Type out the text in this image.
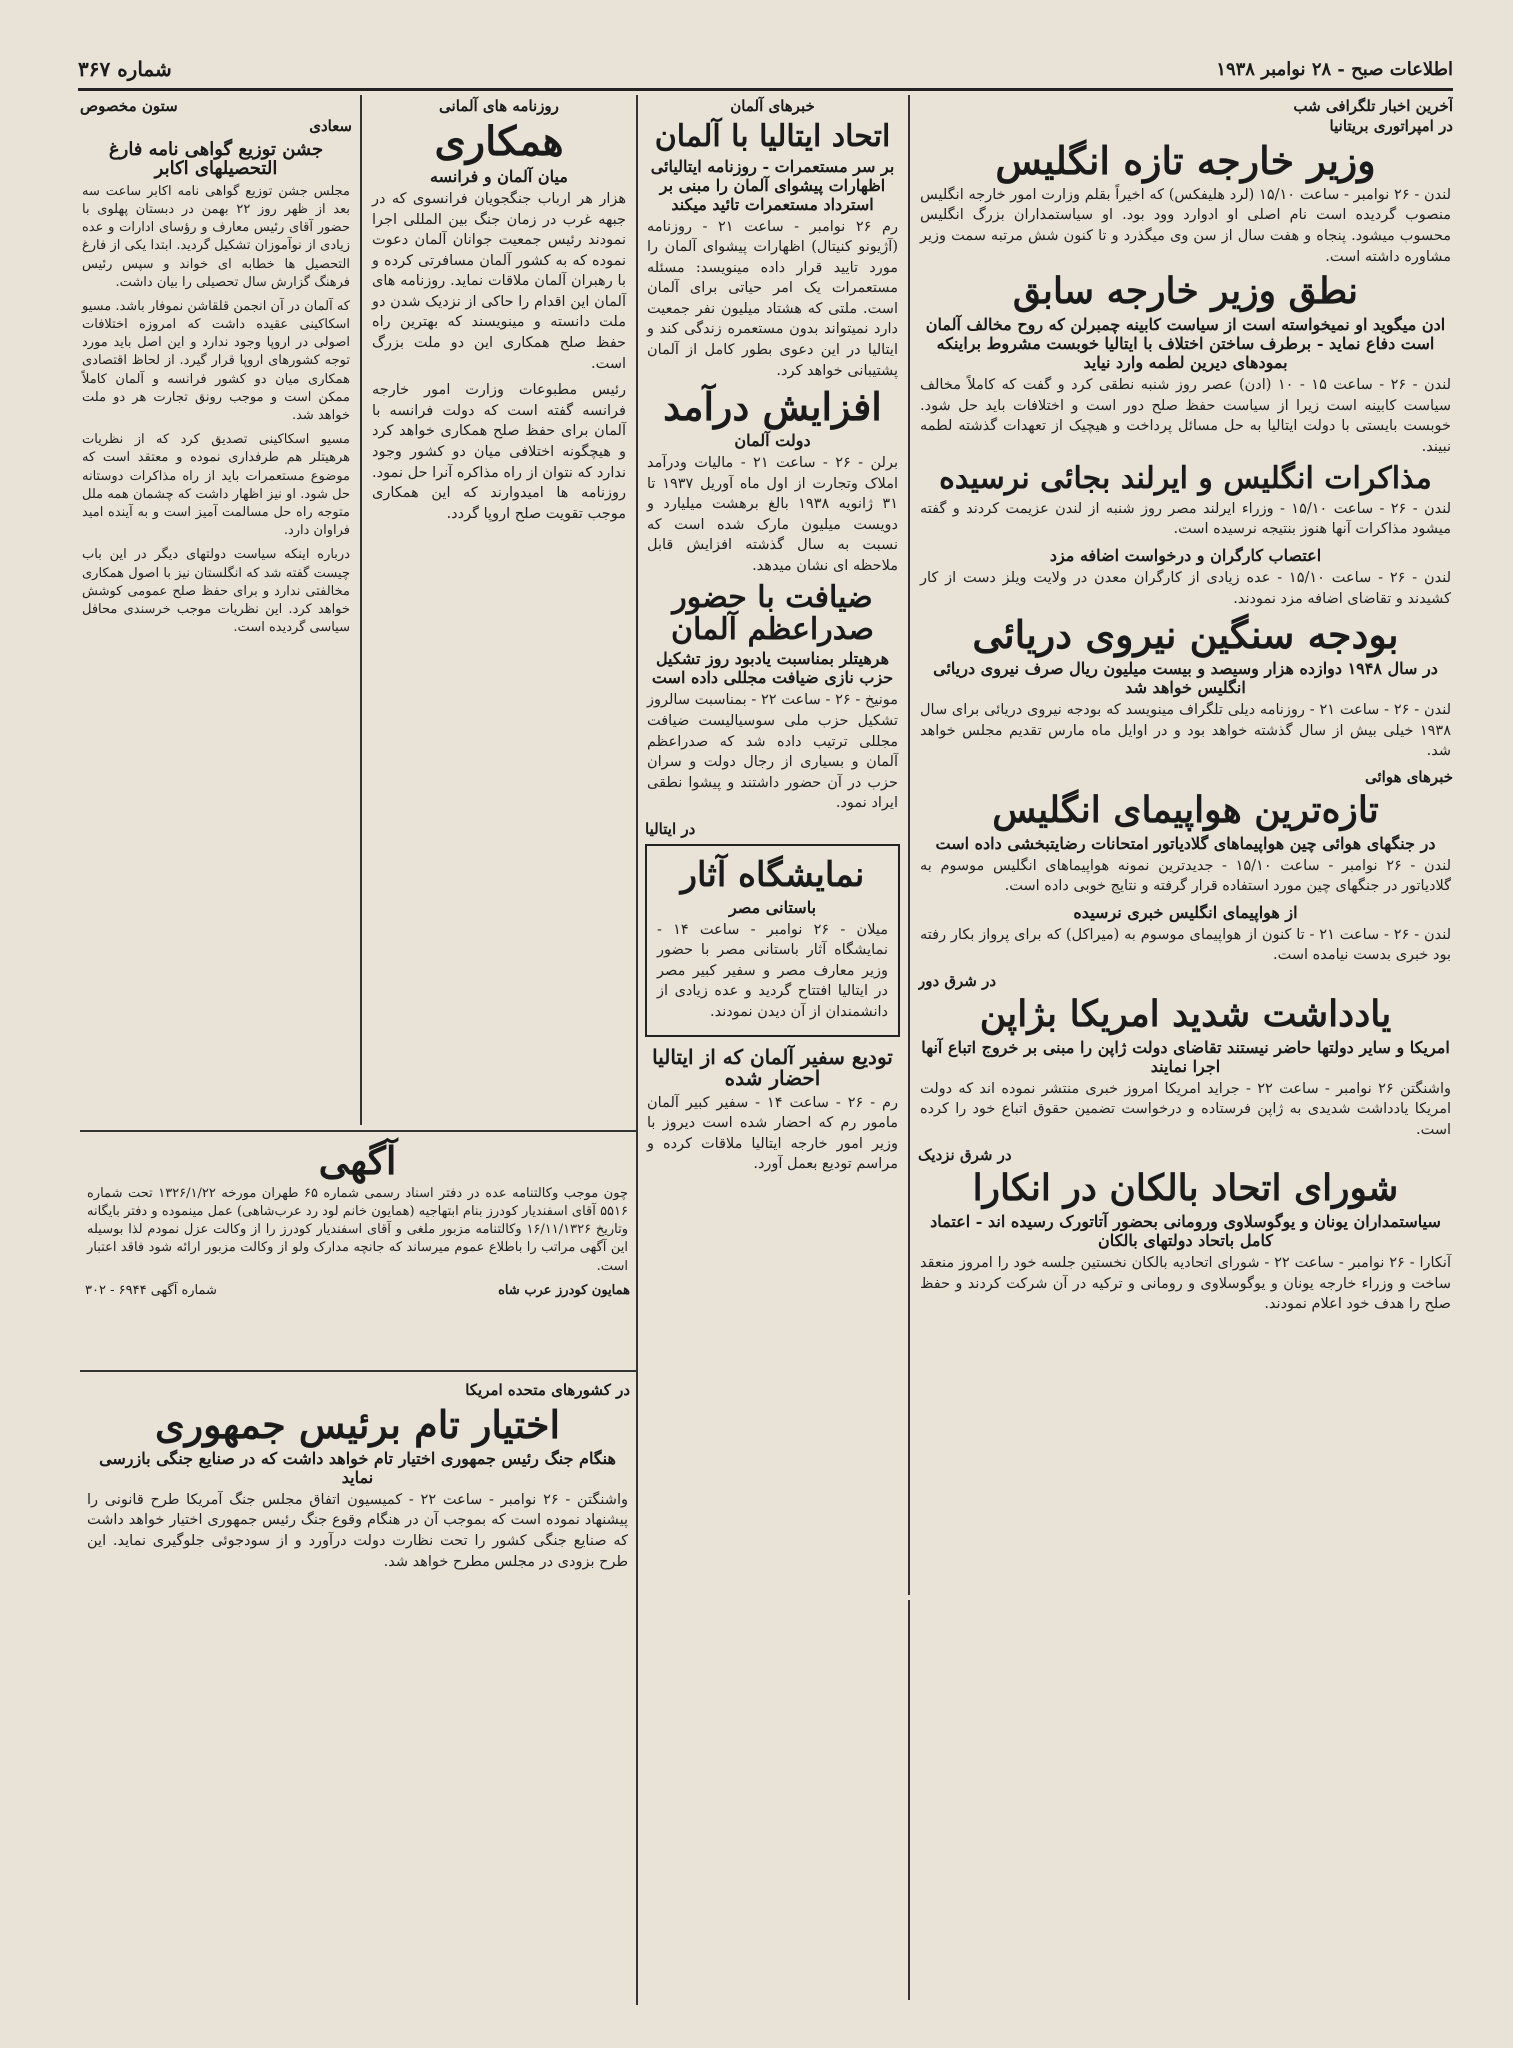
اطلاعات صبح - ۲۸ نوامبر ۱۹۳۸
شماره ۳۶۷
آخرین اخبار تلگرافی شب
در امپراتوری بریتانیا
وزیر خارجه تازه انگلیس
لندن - ۲۶ نوامبر - ساعت ۱۵/۱۰ (لرد هلیفکس) که اخیراً بقلم وزارت امور خارجه انگلیس منصوب گردیده است نام اصلی او ادوارد وود بود. او سیاستمداران بزرگ انگلیس محسوب میشود. پنجاه و هفت سال از سن وی میگذرد و تا کنون شش مرتبه سمت وزیر مشاوره داشته است.
نطق وزیر خارجه سابق
ادن میگوید او نمیخواسته است از سیاست کابینه چمبرلن که روح مخالف آلمان است دفاع نماید - برطرف ساختن اختلاف با ایتالیا خوبست مشروط براینکه بمودهای دیرین لطمه وارد نیاید
لندن - ۲۶ - ساعت ۱۵ - ۱۰ (ادن) عصر روز شنبه نطقی کرد و گفت که کاملاً مخالف سیاست کابینه است زیرا از سیاست حفظ صلح دور است و اختلافات باید حل شود. خوبست بایستی با دولت ایتالیا به حل مسائل پرداخت و هیچیک از تعهدات گذشته لطمه نبیند.
مذاکرات انگلیس و ایرلند بجائی نرسیده
لندن - ۲۶ - ساعت ۱۵/۱۰ - وزراء ایرلند مصر روز شنبه از لندن عزیمت کردند و گفته میشود مذاکرات آنها هنوز بنتیجه نرسیده است.
اعتصاب کارگران و درخواست اضافه مزد
لندن - ۲۶ - ساعت ۱۵/۱۰ - عده زیادی از کارگران معدن در ولایت ویلز دست از کار کشیدند و تقاضای اضافه مزد نمودند.
بودجه سنگین نیروی دریائی
در سال ۱۹۴۸ دوازده هزار وسیصد و بیست میلیون ریال صرف نیروی دریائی انگلیس خواهد شد
لندن - ۲۶ - ساعت ۲۱ - روزنامه دیلی تلگراف مینویسد که بودجه نیروی دریائی برای سال ۱۹۳۸ خیلی بیش از سال گذشته خواهد بود و در اوایل ماه مارس تقدیم مجلس خواهد شد.
خبرهای هوائی
تازه‌ترین هواپیمای انگلیس
در جنگهای هوائی چین هواپیماهای گلادیاتور امتحانات رضایتبخشی داده است
لندن - ۲۶ نوامبر - ساعت ۱۵/۱۰ - جدیدترین نمونه هواپیماهای انگلیس موسوم به گلادیاتور در جنگهای چین مورد استفاده قرار گرفته و نتایج خوبی داده است.
از هواپیمای انگلیس خبری نرسیده
لندن - ۲۶ - ساعت ۲۱ - تا کنون از هواپیمای موسوم به (میراکل) که برای پرواز بکار رفته بود خبری بدست نیامده است.
در شرق دور
یادداشت شدید امریکا بژاپن
امریکا و سایر دولتها حاضر نیستند تقاضای دولت ژاپن را مبنی بر خروج اتباع آنها اجرا نمایند
واشنگتن ۲۶ نوامبر - ساعت ۲۲ - جراید امریکا امروز خبری منتشر نموده اند که دولت امریکا یادداشت شدیدی به ژاپن فرستاده و درخواست تضمین حقوق اتباع خود را کرده است.
در شرق نزدیک
شورای اتحاد بالکان در انکارا
سیاستمداران یونان و یوگوسلاوی ورومانی بحضور آتاتورک رسیده اند - اعتماد کامل باتحاد دولتهای بالکان
آنکارا - ۲۶ نوامبر - ساعت ۲۲ - شورای اتحادیه بالکان نخستین جلسه خود را امروز منعقد ساخت و وزراء خارجه یونان و یوگوسلاوی و رومانی و ترکیه در آن شرکت کردند و حفظ صلح را هدف خود اعلام نمودند.
خبرهای آلمان
اتحاد ایتالیا با آلمان
بر سر مستعمرات - روزنامه ایتالیائی اظهارات پیشوای آلمان را مبنی بر استرداد مستعمرات تائید میکند
رم ۲۶ نوامبر - ساعت ۲۱ - روزنامه (آژیونو کنیتال) اظهارات پیشوای آلمان را مورد تایید قرار داده مینویسد: مسئله مستعمرات یک امر حیاتی برای آلمان است. ملتی که هشتاد میلیون نفر جمعیت دارد نمیتواند بدون مستعمره زندگی کند و ایتالیا در این دعوی بطور کامل از آلمان پشتیبانی خواهد کرد.
افزایش درآمد
دولت آلمان
برلن - ۲۶ - ساعت ۲۱ - مالیات ودرآمد املاک وتجارت از اول ماه آوریل ۱۹۳۷ تا ۳۱ ژانویه ۱۹۳۸ بالغ برهشت میلیارد و دویست میلیون مارک شده است که نسبت به سال گذشته افزایش قابل ملاحظه ای نشان میدهد.
ضیافت با حضور صدراعظم آلمان
هرهیتلر بمناسبت یادبود روز تشکیل حزب نازی ضیافت مجللی داده است
مونیخ - ۲۶ - ساعت ۲۲ - بمناسبت سالروز تشکیل حزب ملی سوسیالیست ضیافت مجللی ترتیب داده شد که صدراعظم آلمان و بسیاری از رجال دولت و سران حزب در آن حضور داشتند و پیشوا نطقی ایراد نمود.
در ایتالیا
نمایشگاه آثار
باستانی مصر
میلان - ۲۶ نوامبر - ساعت ۱۴ - نمایشگاه آثار باستانی مصر با حضور وزیر معارف مصر و سفیر کبیر مصر در ایتالیا افتتاح گردید و عده زیادی از دانشمندان از آن دیدن نمودند.
تودیع سفیر آلمان که از ایتالیا احضار شده
رم - ۲۶ - ساعت ۱۴ - سفیر کبیر آلمان مامور رم که احضار شده است دیروز با وزیر امور خارجه ایتالیا ملاقات کرده و مراسم تودیع بعمل آورد.
روزنامه های آلمانی
همکاری
میان آلمان و فرانسه
هزار هر ارباب جنگجویان فرانسوی که در جبهه غرب در زمان جنگ بین المللی اجرا نمودند رئیس جمعیت جوانان آلمان دعوت نموده که به کشور آلمان مسافرتی کرده و با رهبران آلمان ملاقات نماید. روزنامه های آلمان این اقدام را حاکی از نزدیک شدن دو ملت دانسته و مینویسند که بهترین راه حفظ صلح همکاری این دو ملت بزرگ است.
رئیس مطبوعات وزارت امور خارجه فرانسه گفته است که دولت فرانسه با آلمان برای حفظ صلح همکاری خواهد کرد و هیچگونه اختلافی میان دو کشور وجود ندارد که نتوان از راه مذاکره آنرا حل نمود. روزنامه ها امیدوارند که این همکاری موجب تقویت صلح اروپا گردد.
ستون مخصوص
سعادی
جشن توزیع گواهی نامه فارغ التحصیلهای اکابر
مجلس جشن توزیع گواهی نامه اکابر ساعت سه بعد از ظهر روز ۲۲ بهمن در دبستان پهلوی با حضور آقای رئیس معارف و رؤسای ادارات و عده زیادی از نوآموزان تشکیل گردید. ابتدا یکی از فارغ التحصیل ها خطابه ای خواند و سپس رئیس فرهنگ گزارش سال تحصیلی را بیان داشت.
که آلمان در آن انجمن قلقاشن نموفار باشد. مسیو اسکاکینی عقیده داشت که امروزه اختلافات اصولی در اروپا وجود ندارد و این اصل باید مورد توجه کشورهای اروپا قرار گیرد. از لحاظ اقتصادی همکاری میان دو کشور فرانسه و آلمان کاملاً ممکن است و موجب رونق تجارت هر دو ملت خواهد شد.
مسیو اسکاکینی تصدیق کرد که از نظریات هرهیتلر هم طرفداری نموده و معتقد است که موضوع مستعمرات باید از راه مذاکرات دوستانه حل شود. او نیز اظهار داشت که چشمان همه ملل متوجه راه حل مسالمت آمیز است و به آینده امید فراوان دارد.
درباره اینکه سیاست دولتهای دیگر در این باب چیست گفته شد که انگلستان نیز با اصول همکاری مخالفتی ندارد و برای حفظ صلح عمومی کوشش خواهد کرد. این نظریات موجب خرسندی محافل سیاسی گردیده است.
آگهی
چون موجب وکالتنامه عده در دفتر اسناد رسمی شماره ۶۵ طهران مورخه ۱۳۲۶/۱/۲۲ تحت شماره ۵۵۱۶ آقای اسفندیار کودرز بنام ابتهاجیه (همایون خانم لود رد عرب‌شاهی) عمل مینموده و دفتر بایگانه وتاریخ ۱۶/۱۱/۱۳۲۶ وکالتنامه مزبور ملغی و آقای اسفندیار کودرز را از وکالت عزل نمودم لذا بوسیله این آگهی مراتب را باطلاع عموم میرساند که جانچه مدارک ولو از وکالت مزبور ارائه شود فاقد اعتبار است.
همایون کودرز عرب شاه
شماره آگهی ۶۹۴۴ - ۳۰۲
در کشورهای متحده امریکا
اختیار تام برئیس جمهوری
هنگام جنگ رئیس جمهوری اختیار تام خواهد داشت که در صنایع جنگی بازرسی نماید
واشنگتن - ۲۶ نوامبر - ساعت ۲۲ - کمیسیون اتفاق مجلس جنگ آمریکا طرح قانونی را پیشنهاد نموده است که بموجب آن در هنگام وقوع جنگ رئیس جمهوری اختیار خواهد داشت که صنایع جنگی کشور را تحت نظارت دولت درآورد و از سودجوئی جلوگیری نماید. این طرح بزودی در مجلس مطرح خواهد شد.
